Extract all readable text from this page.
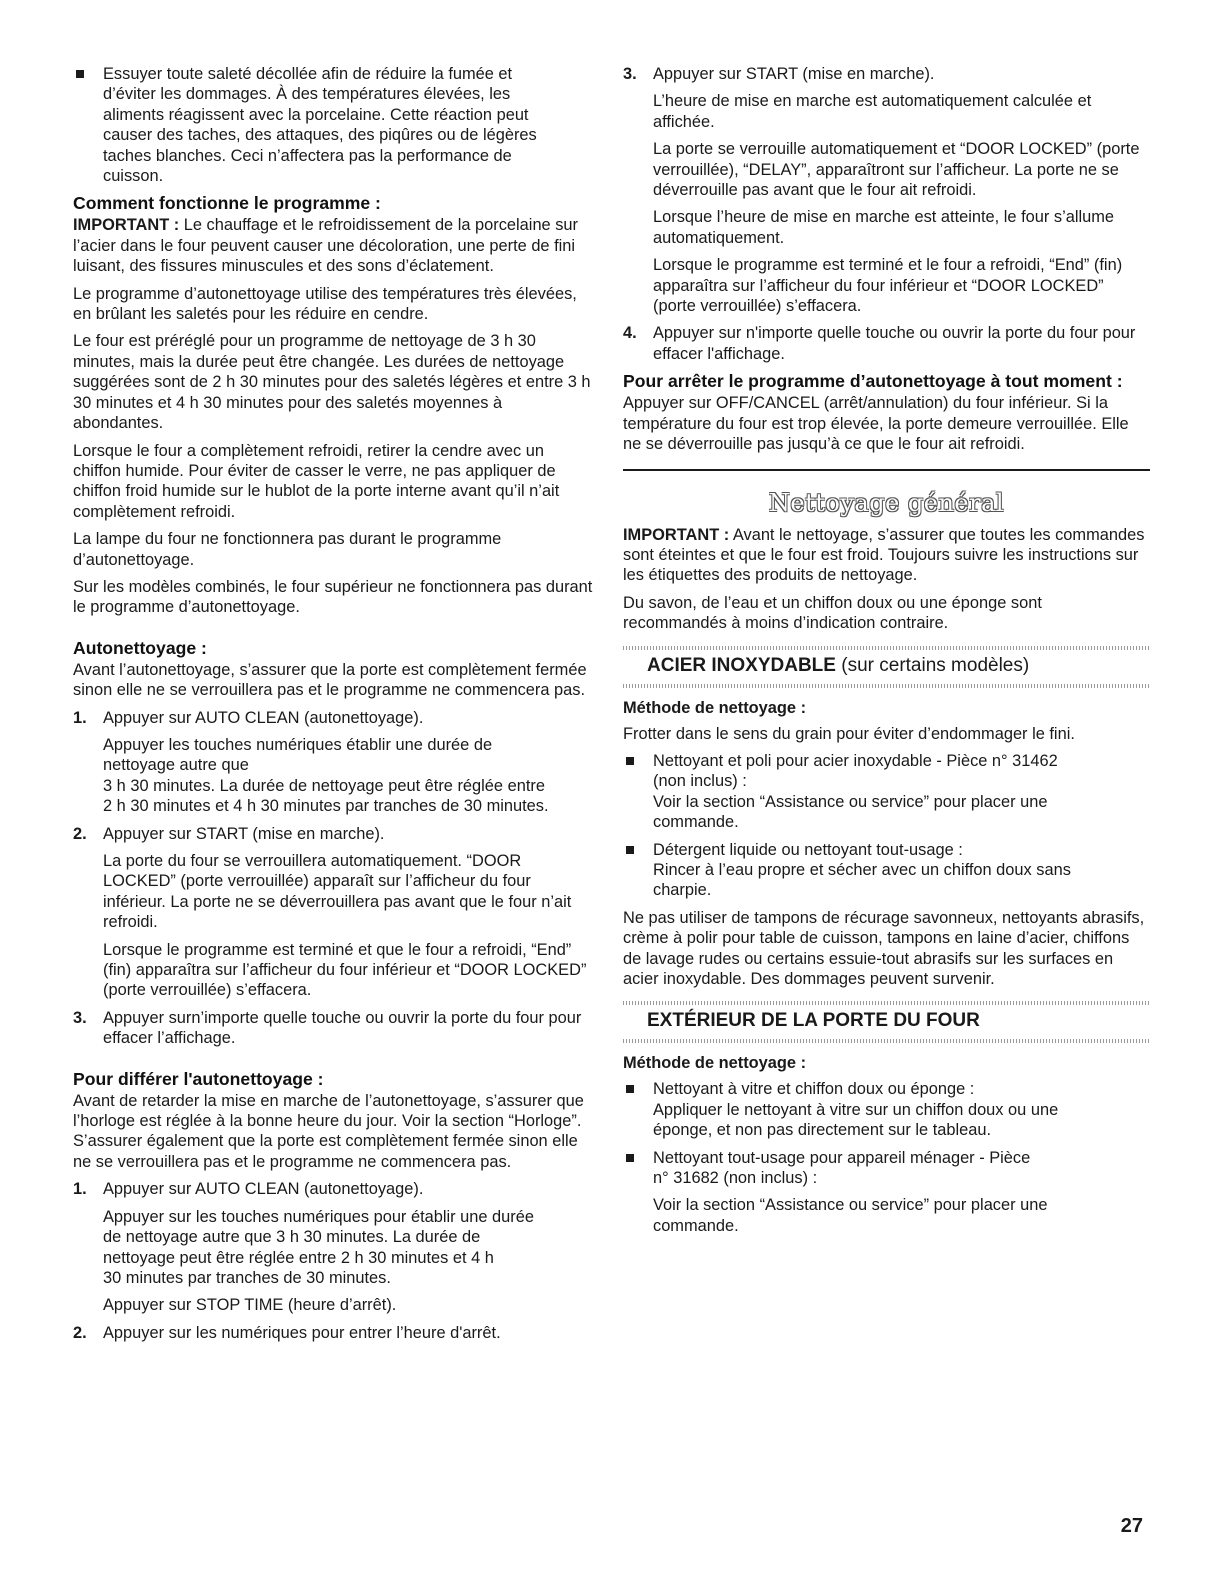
Essuyer toute saleté décollée afin de réduire la fumée et
d’éviter les dommages. À des températures élevées, les
aliments réagissent avec la porcelaine. Cette réaction peut
causer des taches, des attaques, des piqûres ou de légères
taches blanches. Ceci n’affectera pas la performance de
cuisson.
Comment fonctionne le programme :

IMPORTANT : Le chauffage et le refroidissement de la porcelaine sur l’acier dans le four peuvent causer une décoloration, une perte de fini luisant, des fissures minuscules et des sons d’éclatement.

Le programme d’autonettoyage utilise des températures très élevées, en brûlant les saletés pour les réduire en cendre.

Le four est préréglé pour un programme de nettoyage de 3 h 30 minutes, mais la durée peut être changée. Les durées de nettoyage suggérées sont de 2 h 30 minutes pour des saletés légères et entre 3 h 30 minutes et 4 h 30 minutes pour des saletés moyennes à abondantes.

Lorsque le four a complètement refroidi, retirer la cendre avec un chiffon humide. Pour éviter de casser le verre, ne pas appliquer de chiffon froid humide sur le hublot de la porte interne avant qu’il n’ait complètement refroidi.

La lampe du four ne fonctionnera pas durant le programme d’autonettoyage.

Sur les modèles combinés, le four supérieur ne fonctionnera pas durant le programme d’autonettoyage.

Autonettoyage :

Avant l’autonettoyage, s’assurer que la porte est complètement fermée sinon elle ne se verrouillera pas et le programme ne commencera pas.

1. Appuyer sur AUTO CLEAN (autonettoyage).
Appuyer les touches numériques établir une durée de
nettoyage autre que
3 h 30 minutes. La durée de nettoyage peut être réglée entre
2 h 30 minutes et 4 h 30 minutes par tranches de 30 minutes.
2. Appuyer sur START (mise en marche).
La porte du four se verrouillera automatiquement. “DOOR LOCKED” (porte verrouillée) apparaît sur l’afficheur du four inférieur. La porte ne se déverrouillera pas avant que le four n’ait refroidi.
Lorsque le programme est terminé et que le four a refroidi, “End” (fin) apparaîtra sur l’afficheur du four inférieur et “DOOR LOCKED” (porte verrouillée) s’effacera.
3. Appuyer surn’importe quelle touche ou ouvrir la porte du four pour effacer l’affichage.
Pour différer l'autonettoyage :

Avant de retarder la mise en marche de l’autonettoyage, s’assurer que l’horloge est réglée à la bonne heure du jour. Voir la section “Horloge”. S’assurer également que la porte est complètement fermée sinon elle ne se verrouillera pas et le programme ne commencera pas.

1. Appuyer sur AUTO CLEAN (autonettoyage).
Appuyer sur les touches numériques pour établir une durée
de nettoyage autre que 3 h 30 minutes. La durée de
nettoyage peut être réglée entre 2 h 30 minutes et 4 h
30 minutes par tranches de 30 minutes.
Appuyer sur STOP TIME (heure d’arrêt).
2. Appuyer sur les numériques pour entrer l’heure d'arrêt.
3. Appuyer sur START (mise en marche).
L’heure de mise en marche est automatiquement calculée et affichée.
La porte se verrouille automatiquement et “DOOR LOCKED” (porte verrouillée), “DELAY”, apparaîtront sur l’afficheur. La porte ne se déverrouille pas avant que le four ait refroidi.
Lorsque l’heure de mise en marche est atteinte, le four s’allume automatiquement.
Lorsque le programme est terminé et le four a refroidi, “End” (fin) apparaîtra sur l’afficheur du four inférieur et “DOOR LOCKED” (porte verrouillée) s’effacera.
4. Appuyer sur n'importe quelle touche ou ouvrir la porte du four pour effacer l'affichage.
Pour arrêter le programme d’autonettoyage à tout moment :

Appuyer sur OFF/CANCEL (arrêt/annulation) du four inférieur. Si la température du four est trop élevée, la porte demeure verrouillée. Elle ne se déverrouille pas jusqu’à ce que le four ait refroidi.

Nettoyage général

IMPORTANT : Avant le nettoyage, s’assurer que toutes les commandes sont éteintes et que le four est froid. Toujours suivre les instructions sur les étiquettes des produits de nettoyage.

Du savon, de l’eau et un chiffon doux ou une éponge sont recommandés à moins d’indication contraire.

ACIER INOXYDABLE (sur certains modèles)
Méthode de nettoyage :

Frotter dans le sens du grain pour éviter d’endommager le fini.

Nettoyant et poli pour acier inoxydable - Pièce n° 31462
(non inclus) :
Voir la section “Assistance ou service” pour placer une
commande.
Détergent liquide ou nettoyant tout-usage :
Rincer à l’eau propre et sécher avec un chiffon doux sans
charpie.

Ne pas utiliser de tampons de récurage savonneux, nettoyants abrasifs, crème à polir pour table de cuisson, tampons en laine d’acier, chiffons de lavage rudes ou certains essuie-tout abrasifs sur les surfaces en acier inoxydable. Des dommages peuvent survenir.

EXTÉRIEUR DE LA PORTE DU FOUR
Méthode de nettoyage :
Nettoyant à vitre et chiffon doux ou éponge :
Appliquer le nettoyant à vitre sur un chiffon doux ou une
éponge, et non pas directement sur le tableau.
Nettoyant tout-usage pour appareil ménager - Pièce
n° 31682 (non inclus) :
Voir la section “Assistance ou service” pour placer une
commande.
27
